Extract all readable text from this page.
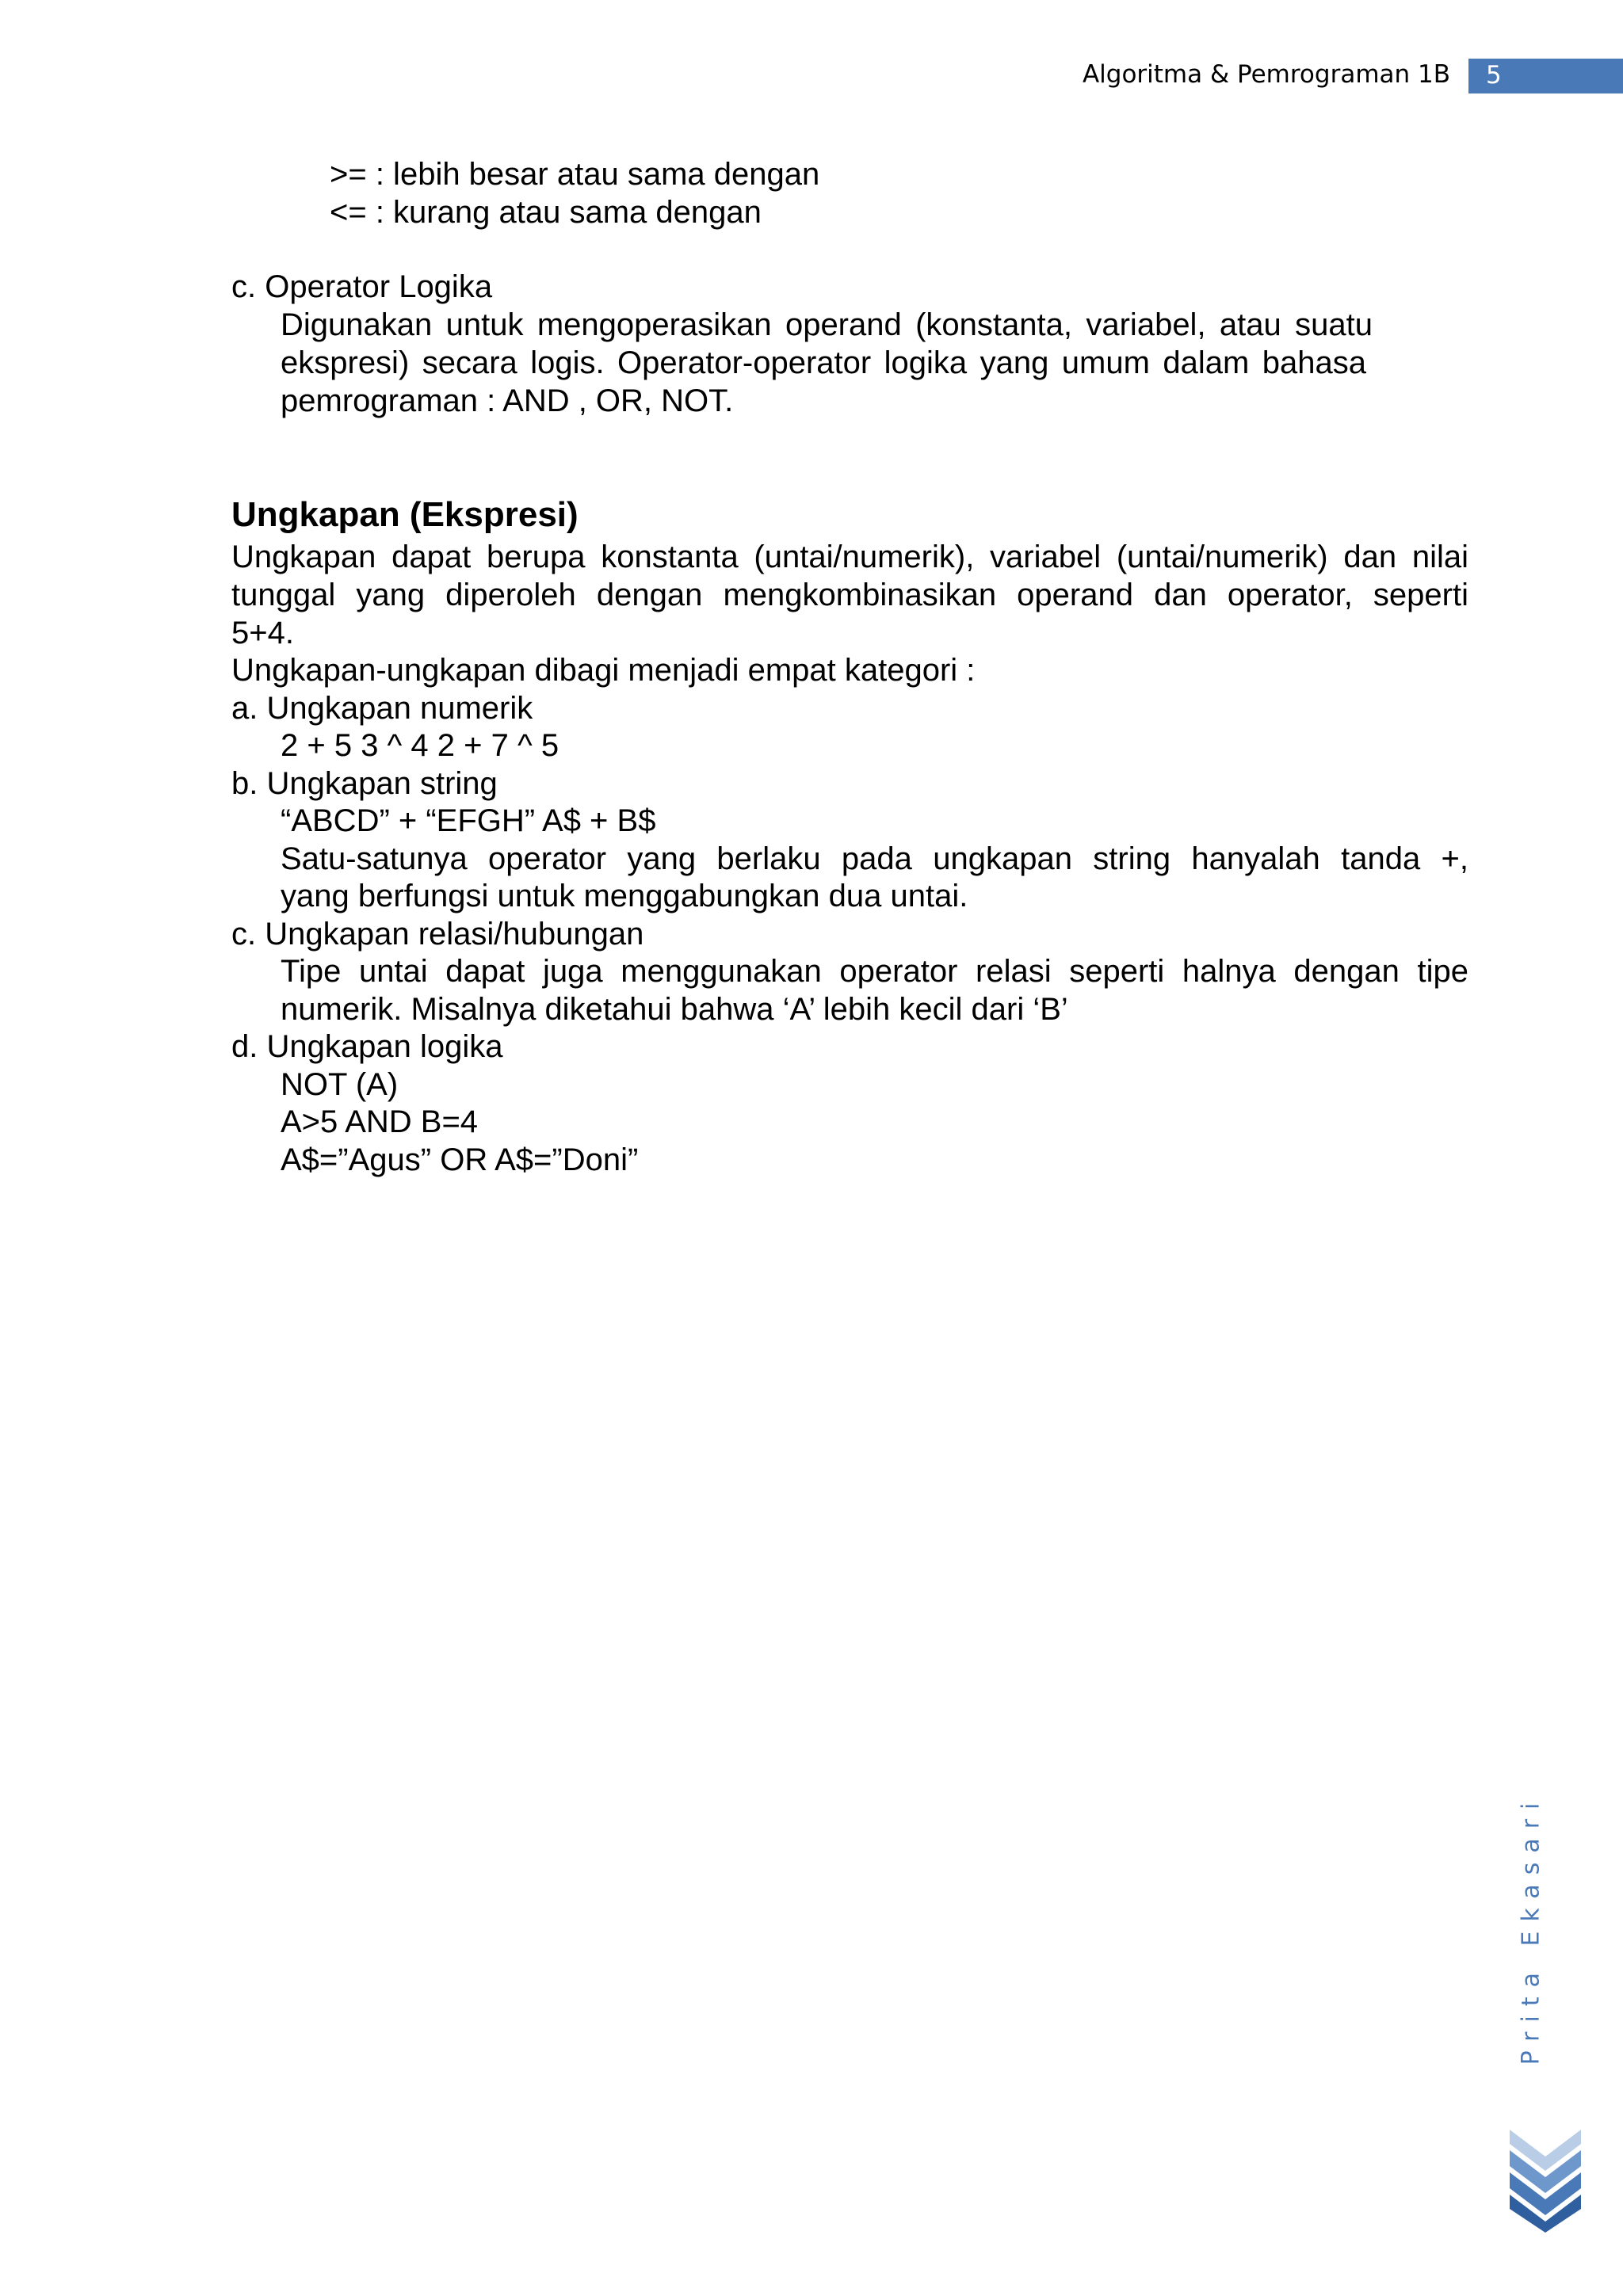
Algoritma & Pemrograman 1B 5
>= : lebih besar atau sama dengan
<= : kurang atau sama dengan
c. Operator Logika
Digunakan untuk mengoperasikan operand (konstanta, variabel, atau suatu
ekspresi) secara logis. Operator-operator logika yang umum dalam bahasa
pemrograman : AND , OR, NOT.
Ungkapan (Ekspresi)
Ungkapan dapat berupa konstanta (untai/numerik), variabel (untai/numerik) dan nilai
tunggal yang diperoleh dengan mengkombinasikan operand dan operator, seperti
5+4.
Ungkapan-ungkapan dibagi menjadi empat kategori :
a. Ungkapan numerik
2 + 5 3 ^ 4 2 + 7 ^ 5
b. Ungkapan string
“ABCD” + “EFGH” A$ + B$
Satu-satunya operator yang berlaku pada ungkapan string hanyalah tanda +,
yang berfungsi untuk menggabungkan dua untai.
c. Ungkapan relasi/hubungan
Tipe untai dapat juga menggunakan operator relasi seperti halnya dengan tipe
numerik. Misalnya diketahui bahwa ‘A’ lebih kecil dari ‘B’
d. Ungkapan logika
NOT (A)
A>5 AND B=4
A$=”Agus” OR A$=”Doni”
Prita Ekasari
